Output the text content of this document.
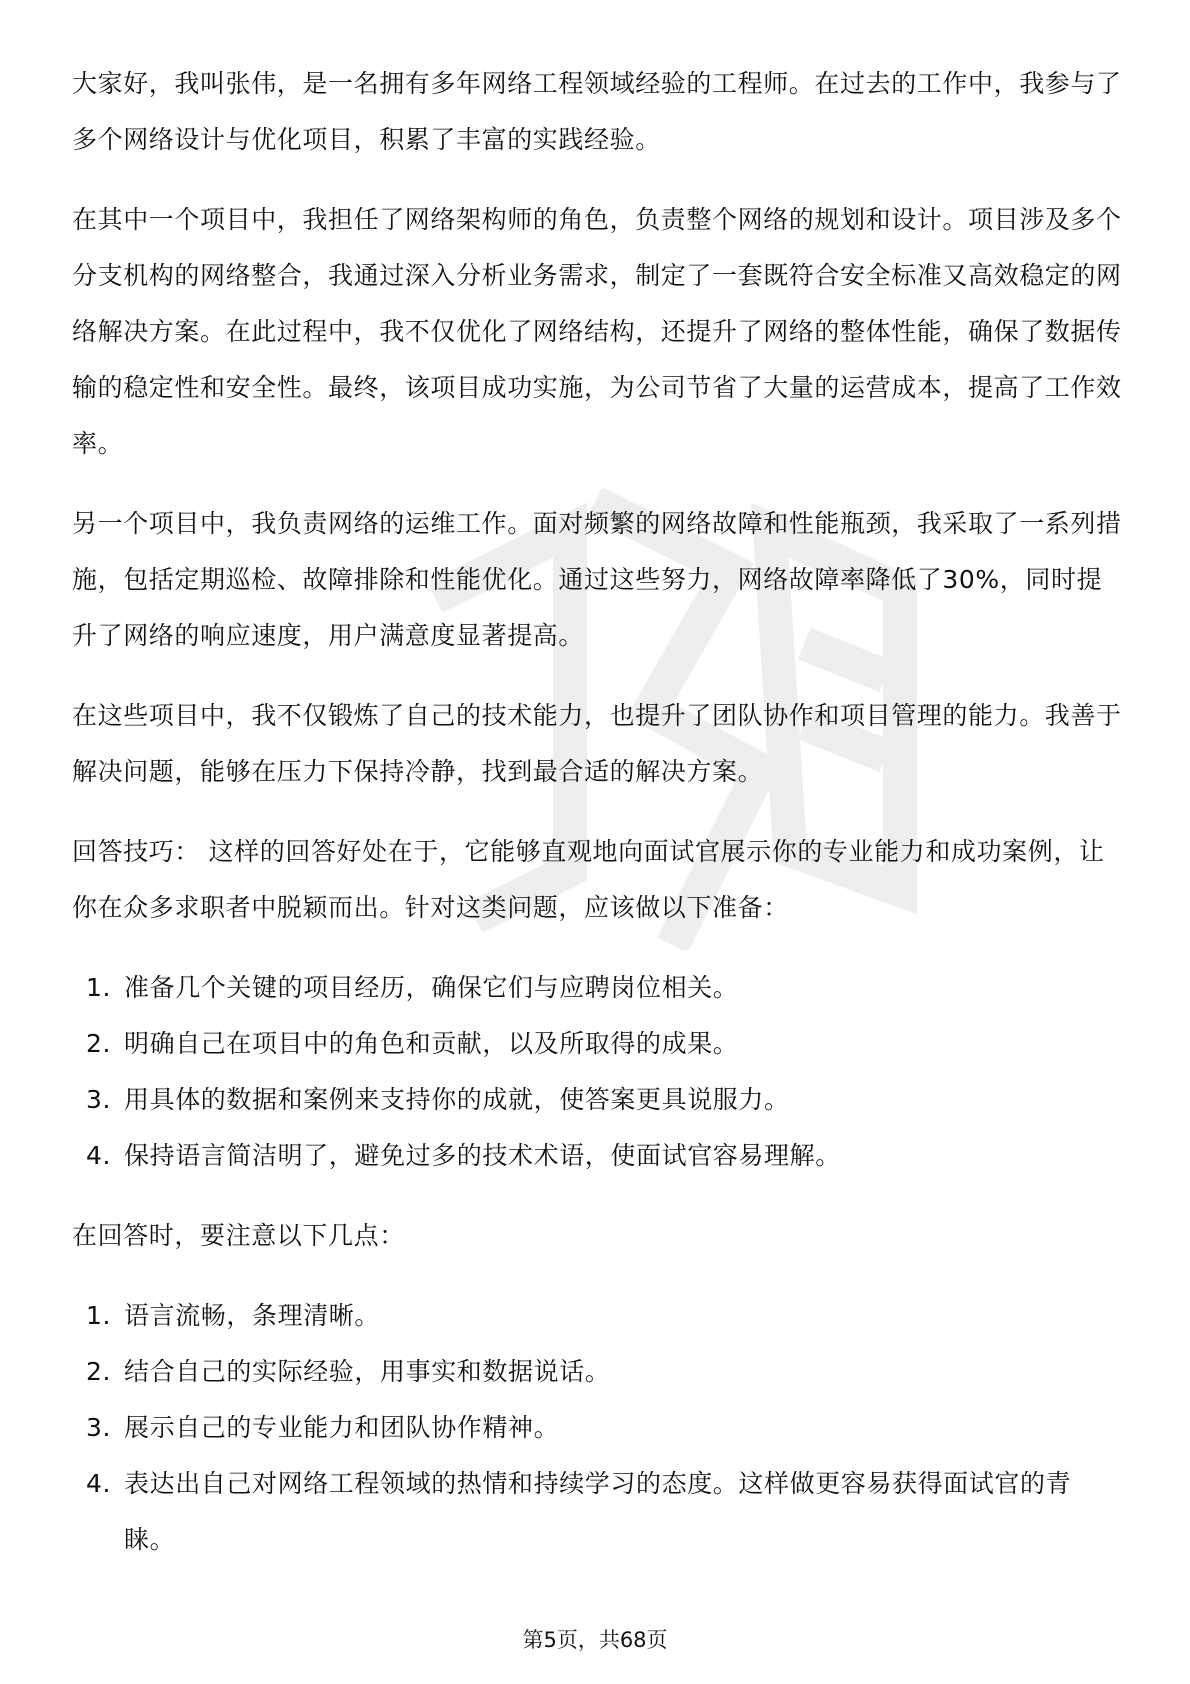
大家好，我叫张伟，是一名拥有多年网络工程领域经验的工程师。在过去的工作中，我参与了多个网络设计与优化项目，积累了丰富的实践经验。

在其中一个项目中，我担任了网络架构师的角色，负责整个网络的规划和设计。项目涉及多个分支机构的网络整合，我通过深入分析业务需求，制定了一套既符合安全标准又高效稳定的网络解决方案。在此过程中，我不仅优化了网络结构，还提升了网络的整体性能，确保了数据传输的稳定性和安全性。最终，该项目成功实施，为公司节省了大量的运营成本，提高了工作效率。

另一个项目中，我负责网络的运维工作。面对频繁的网络故障和性能瓶颈，我采取了一系列措施，包括定期巡检、故障排除和性能优化。通过这些努力，网络故障率降低了30%，同时提升了网络的响应速度，用户满意度显著提高。

在这些项目中，我不仅锻炼了自己的技术能力，也提升了团队协作和项目管理的能力。我善于解决问题，能够在压力下保持冷静，找到最合适的解决方案。

回答技巧： 这样的回答好处在于，它能够直观地向面试官展示你的专业能力和成功案例，让你在众多求职者中脱颖而出。针对这类问题，应该做以下准备：

1. 准备几个关键的项目经历，确保它们与应聘岗位相关。
2. 明确自己在项目中的角色和贡献，以及所取得的成果。
3. 用具体的数据和案例来支持你的成就，使答案更具说服力。
4. 保持语言简洁明了，避免过多的技术术语，使面试官容易理解。

在回答时，要注意以下几点：

1. 语言流畅，条理清晰。
2. 结合自己的实际经验，用事实和数据说话。
3. 展示自己的专业能力和团队协作精神。
4. 表达出自己对网络工程领域的热情和持续学习的态度。这样做更容易获得面试官的青睐。
第5页，共68页
